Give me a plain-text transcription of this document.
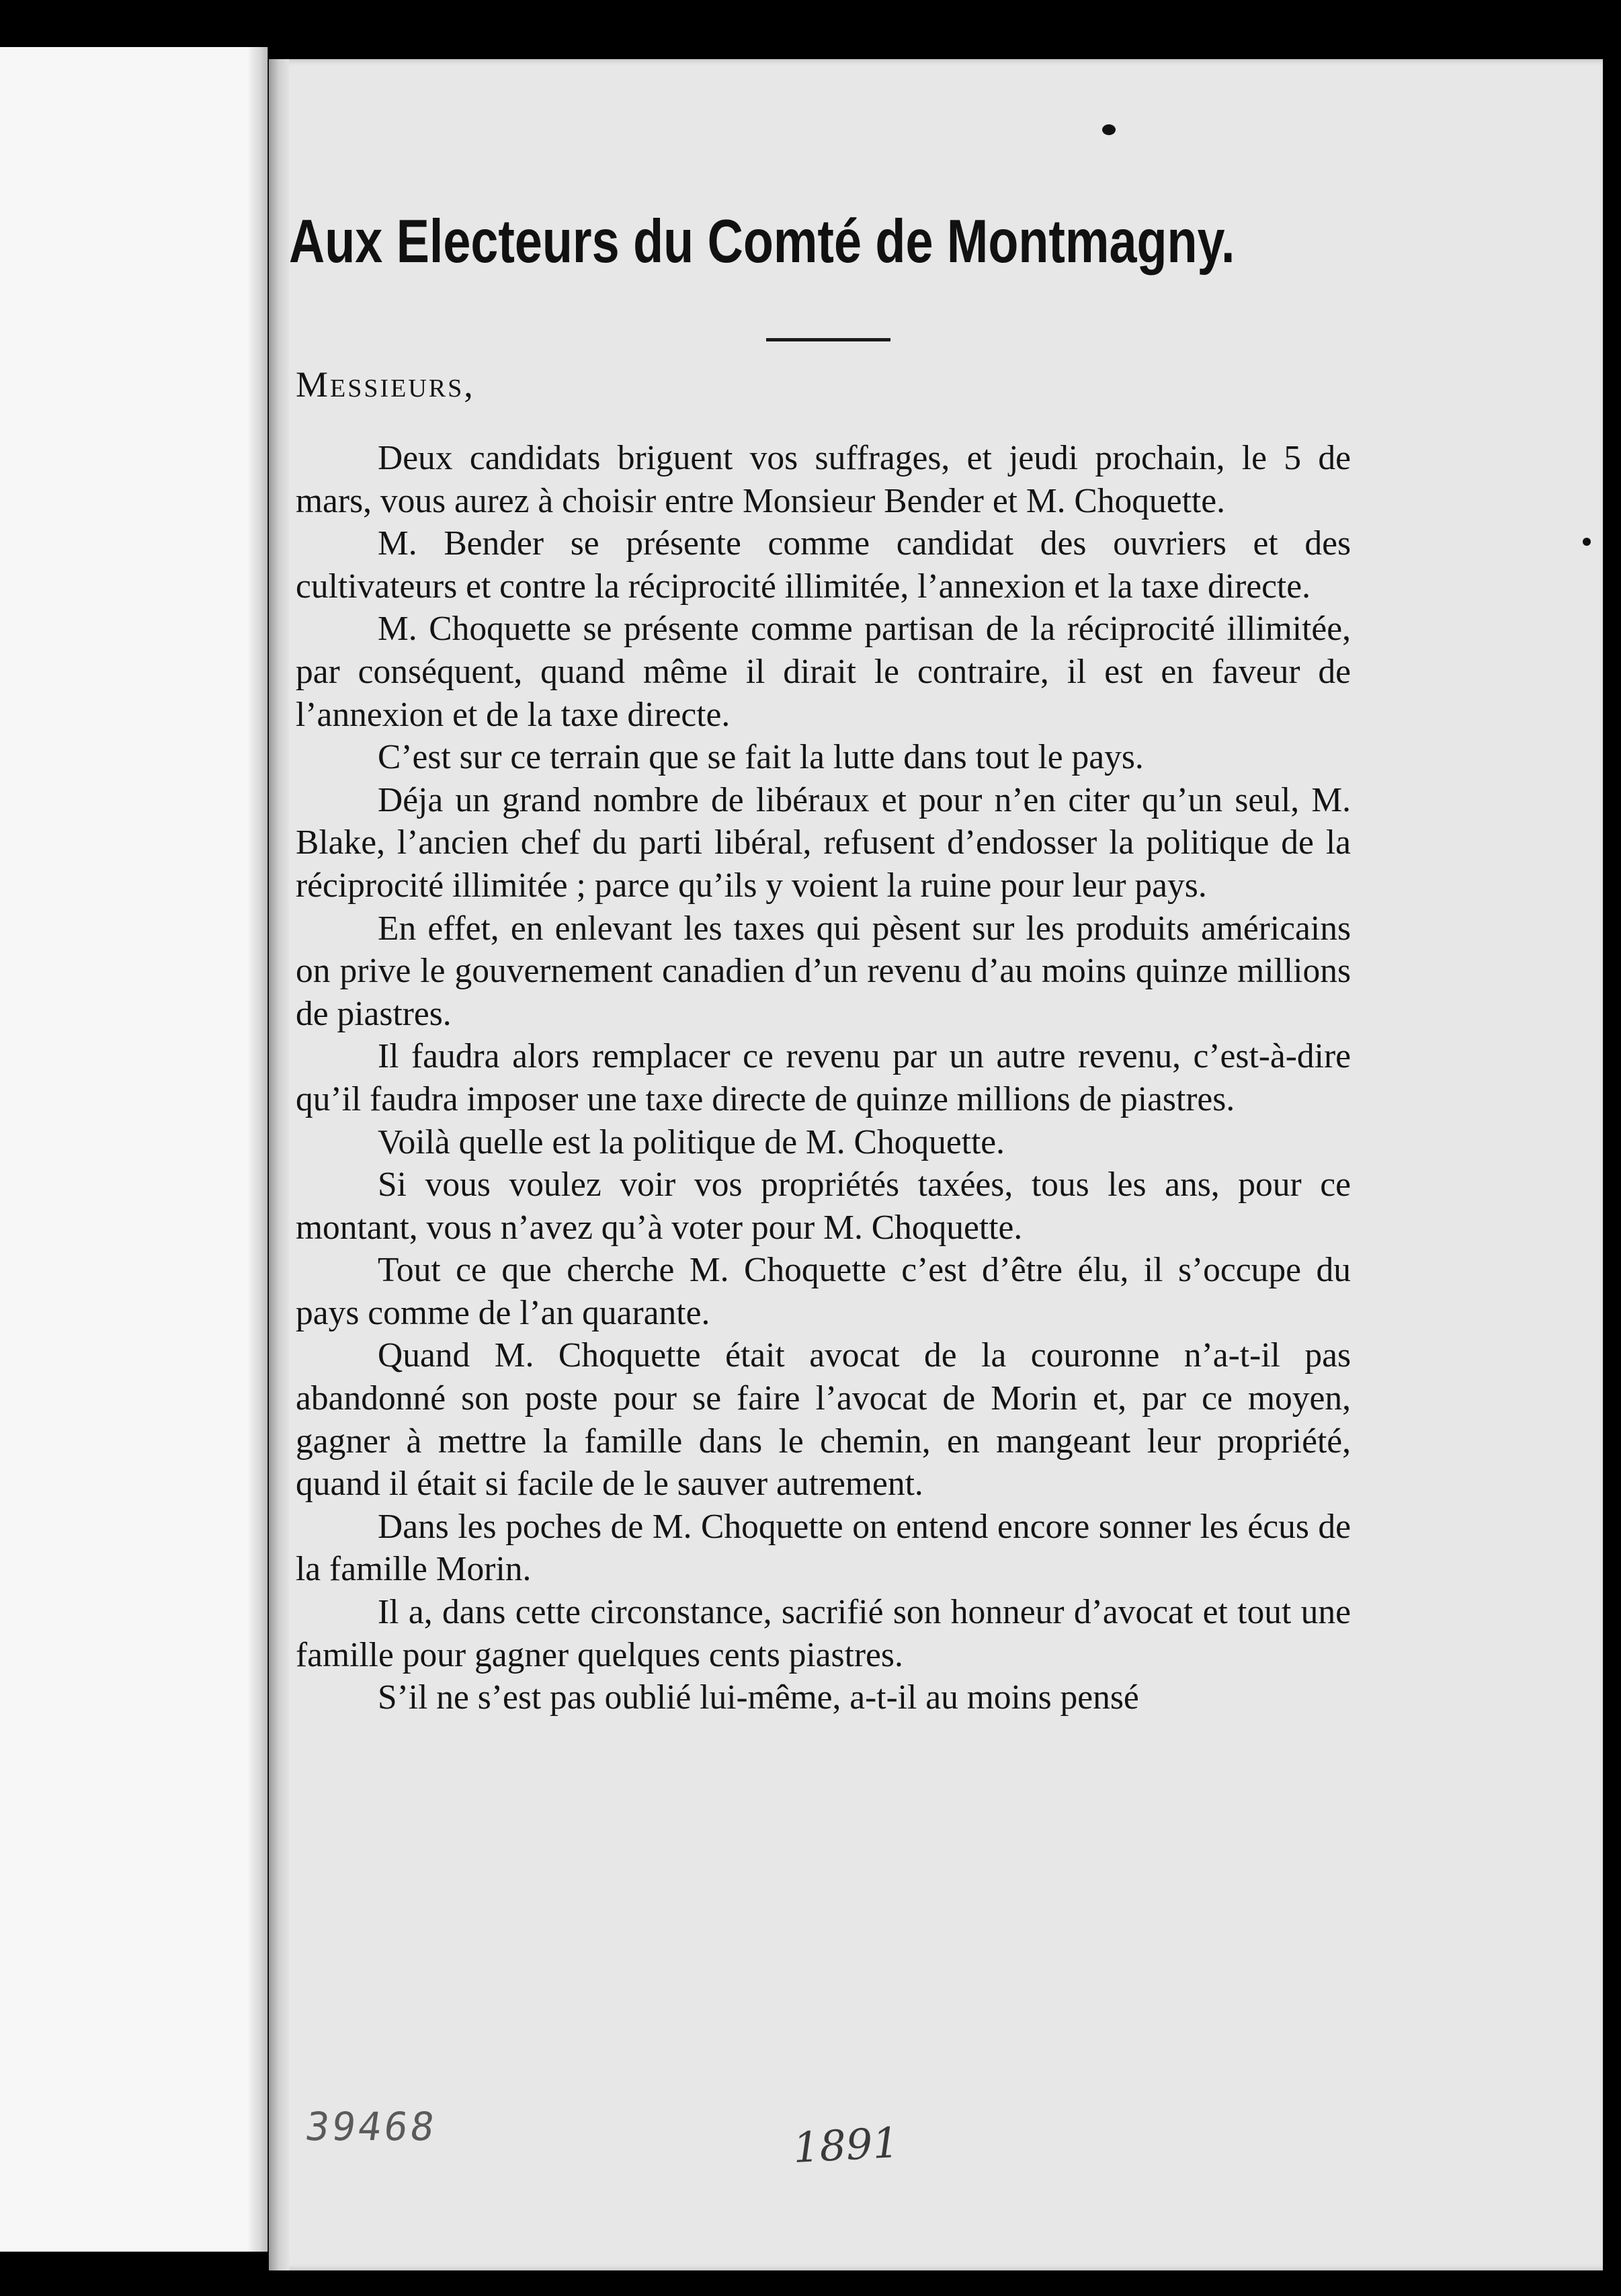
Aux Electeurs du Comté de Montmagny.
Messieurs,

Deux candidats briguent vos suffrages, et jeudi prochain, le 5 de mars, vous aurez à choisir entre Monsieur Bender et M. Choquette.

M. Bender se présente comme candidat des ouvriers et des cultivateurs et contre la réciprocité illimitée, l’annexion et la taxe directe.

M. Choquette se présente comme partisan de la réciprocité illimitée, par conséquent, quand même il dirait le contraire, il est en faveur de l’annexion et de la taxe directe.

C’est sur ce terrain que se fait la lutte dans tout le pays.

Déja un grand nombre de libéraux et pour n’en citer qu’un seul, M. Blake, l’ancien chef du parti libéral, refusent d’endosser la politique de la réciprocité illimitée ; parce qu’ils y voient la ruine pour leur pays.

En effet, en enlevant les taxes qui pèsent sur les produits américains on prive le gouvernement canadien d’un revenu d’au moins quinze millions de piastres.

Il faudra alors remplacer ce revenu par un autre revenu, c’est-à-dire qu’il faudra imposer une taxe directe de quinze millions de piastres.

Voilà quelle est la politique de M. Choquette.

Si vous voulez voir vos propriétés taxées, tous les ans, pour ce montant, vous n’avez qu’à voter pour M. Choquette.

Tout ce que cherche M. Choquette c’est d’être élu, il s’occupe du pays comme de l’an quarante.

Quand M. Choquette était avocat de la couronne n’a-t-il pas abandonné son poste pour se faire l’avocat de Morin et, par ce moyen, gagner à mettre la famille dans le chemin, en mangeant leur propriété, quand il était si facile de le sauver autrement.

Dans les poches de M. Choquette on entend encore sonner les écus de la famille Morin.

Il a, dans cette circonstance, sacrifié son honneur d’avocat et tout une famille pour gagner quelques cents piastres.

S’il ne s’est pas oublié lui-même, a-t-il au moins pensé

39468	1891
